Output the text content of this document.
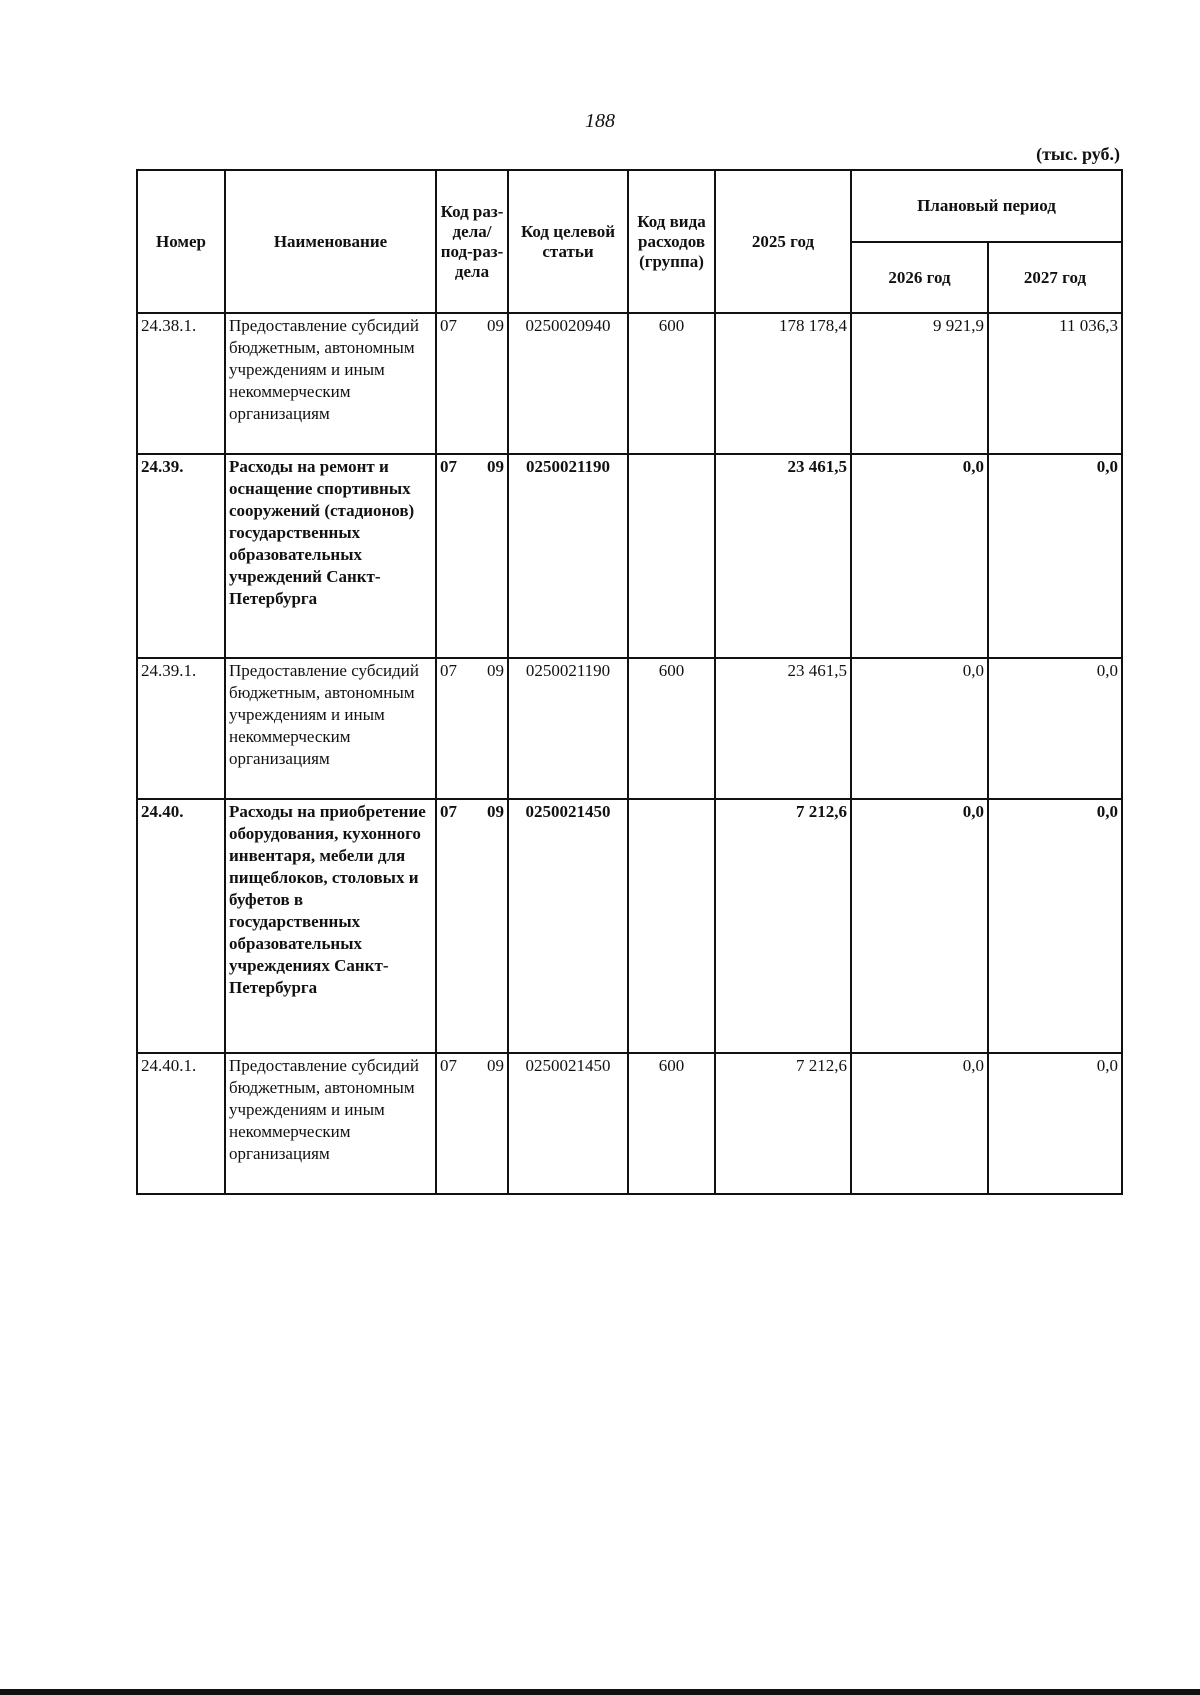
188
(тыс. руб.)
Номер	Наименование	Код раз-дела/ под-раз-дела	Код целевой статьи	Код вида расходов (группа)	2025 год	Плановый период	
						2026 год	2027 год
24.38.1.	Предоставление субсидий бюджетным, автономным учреждениям и иным некоммерческим организациям	07 09	0250020940	600	178 178,4	9 921,9	11 036,3
24.39.	Расходы на ремонт и оснащение спортивных сооружений (стадионов) государственных образовательных учреждений Санкт-Петербурга	07 09	0250021190		23 461,5	0,0	0,0
24.39.1.	Предоставление субсидий бюджетным, автономным учреждениям и иным некоммерческим организациям	07 09	0250021190	600	23 461,5	0,0	0,0
24.40.	Расходы на приобретение оборудования, кухонного инвентаря, мебели для пищеблоков, столовых и буфетов в государственных образовательных учреждениях Санкт-Петербурга	07 09	0250021450		7 212,6	0,0	0,0
24.40.1.	Предоставление субсидий бюджетным, автономным учреждениям и иным некоммерческим организациям	07 09	0250021450	600	7 212,6	0,0	0,0
